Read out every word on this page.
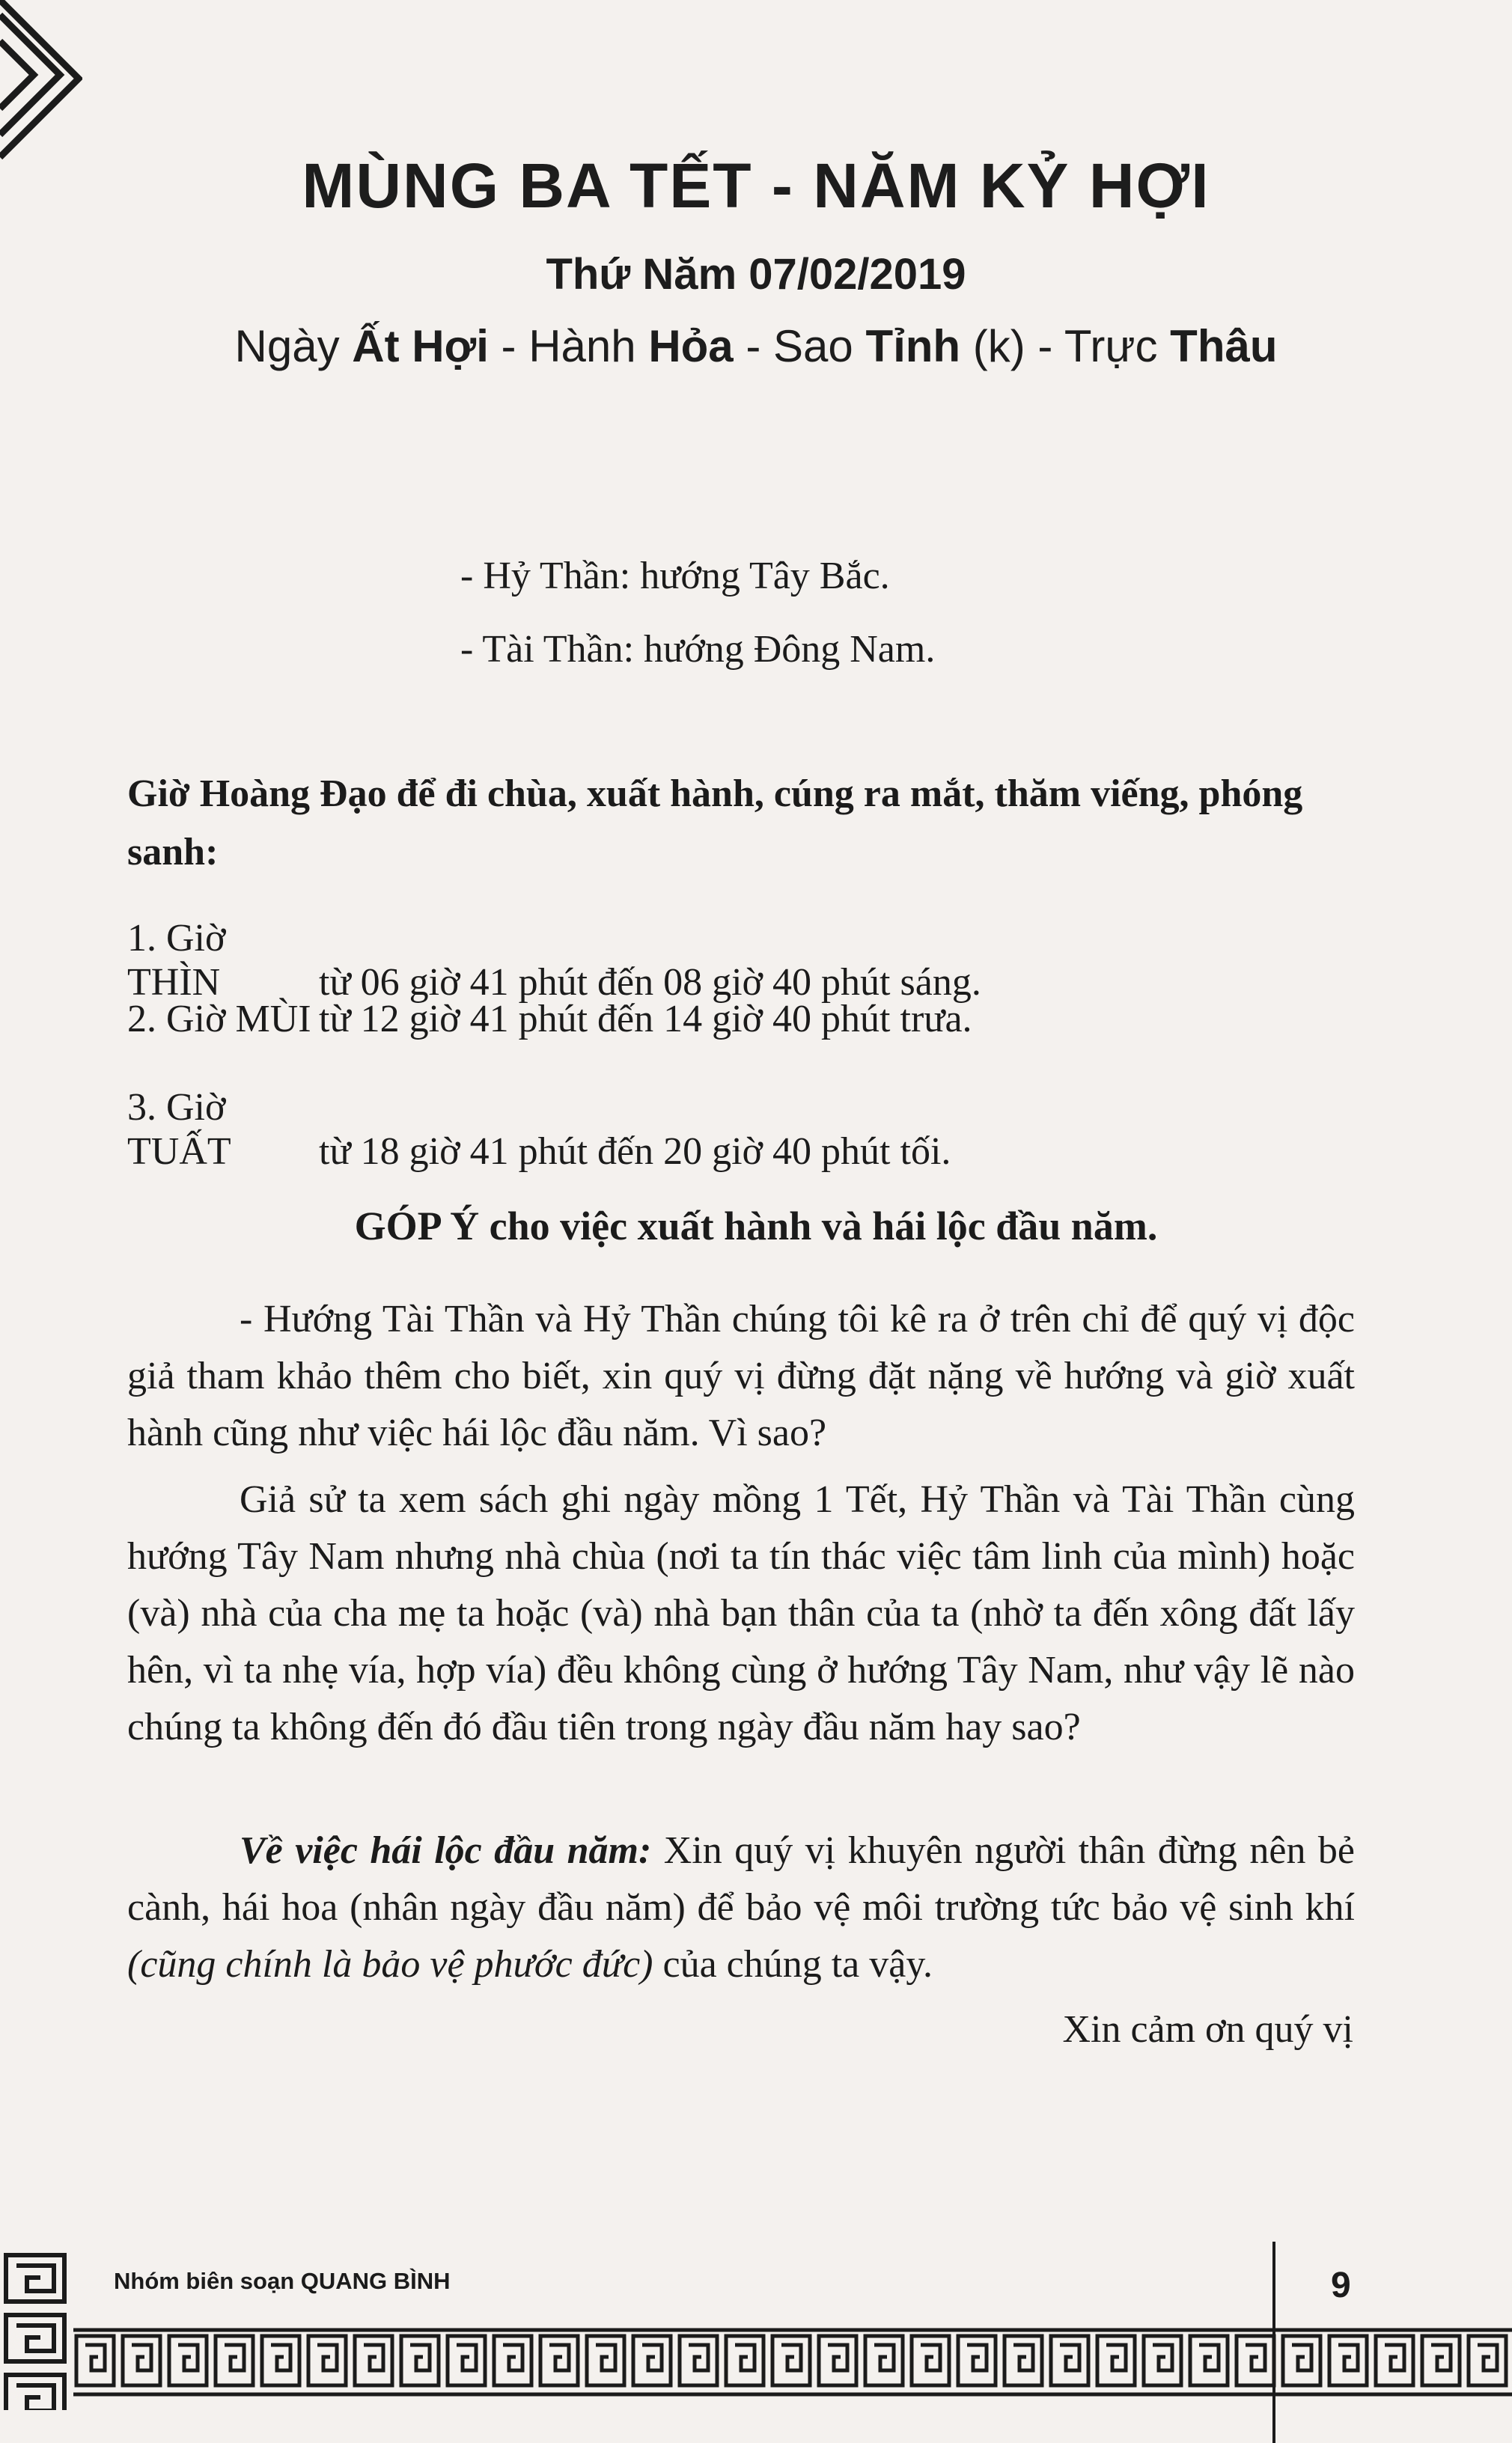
MÙNG BA TẾT - NĂM KỶ HỢI
Thứ Năm 07/02/2019
Ngày Ất Hợi - Hành Hỏa - Sao Tỉnh (k) - Trực Thâu
- Hỷ Thần: hướng Tây Bắc.
- Tài Thần: hướng Đông Nam.
Giờ Hoàng Đạo để đi chùa, xuất hành, cúng ra mắt, thăm viếng, phóng sanh:
1. Giờ THÌN	từ 06 giờ 41 phút đến 08 giờ 40 phút sáng.
2. Giờ MÙI từ 12 giờ 41 phút đến 14 giờ 40 phút trưa.
3. Giờ TUẤT từ 18 giờ 41 phút đến 20 giờ 40 phút tối.
GÓP Ý cho việc xuất hành và hái lộc đầu năm.
- Hướng Tài Thần và Hỷ Thần chúng tôi kê ra ở trên chỉ để quý vị độc giả tham khảo thêm cho biết, xin quý vị đừng đặt nặng về hướng và giờ xuất hành cũng như việc hái lộc đầu năm. Vì sao?
Giả sử ta xem sách ghi ngày mồng 1 Tết, Hỷ Thần và Tài Thần cùng hướng Tây Nam nhưng nhà chùa (nơi ta tín thác việc tâm linh của mình) hoặc (và) nhà của cha mẹ ta hoặc (và) nhà bạn thân của ta (nhờ ta đến xông đất lấy hên, vì ta nhẹ vía, hợp vía) đều không cùng ở hướng Tây Nam, như vậy lẽ nào chúng ta không đến đó đầu tiên trong ngày đầu năm hay sao?
Về việc hái lộc đầu năm: Xin quý vị khuyên người thân đừng nên bẻ cành, hái hoa (nhân ngày đầu năm) để bảo vệ môi trường tức bảo vệ sinh khí (cũng chính là bảo vệ phước đức) của chúng ta vậy.
Xin cảm ơn quý vị
Nhóm biên soạn QUANG BÌNH	9
